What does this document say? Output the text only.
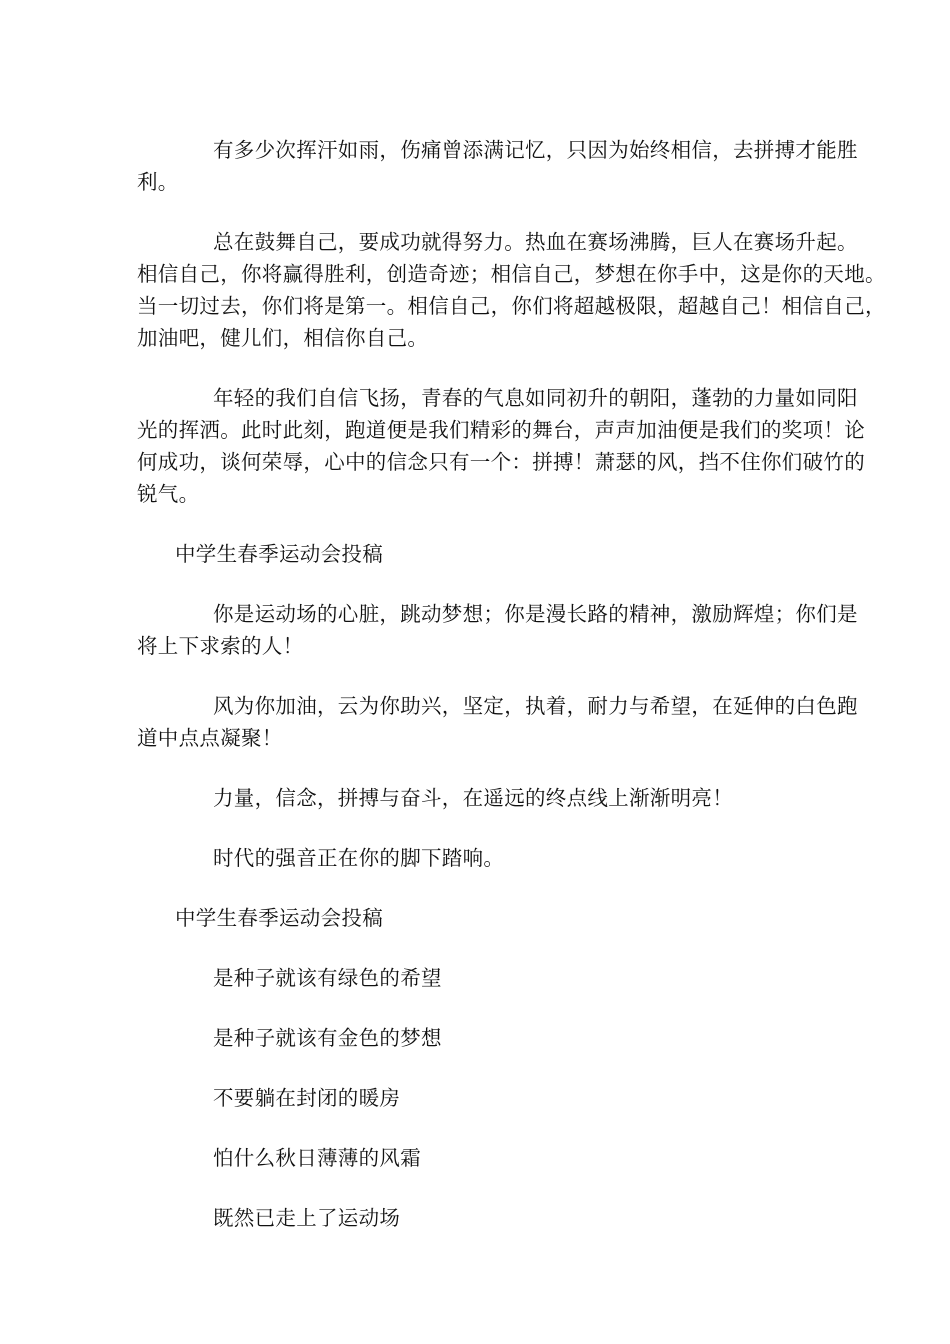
有多少次挥汗如雨，伤痛曾添满记忆，只因为始终相信，去拼搏才能胜

利。

总在鼓舞自己，要成功就得努力。热血在赛场沸腾，巨人在赛场升起。

相信自己，你将赢得胜利，创造奇迹；相信自己，梦想在你手中，这是你的天地。

当一切过去，你们将是第一。相信自己，你们将超越极限，超越自己！相信自己，

加油吧，健儿们，相信你自己。

年轻的我们自信飞扬，青春的气息如同初升的朝阳，蓬勃的力量如同阳

光的挥洒。此时此刻，跑道便是我们精彩的舞台，声声加油便是我们的奖项！论

何成功，谈何荣辱，心中的信念只有一个：拼搏！萧瑟的风，挡不住你们破竹的

锐气。

中学生春季运动会投稿

你是运动场的心脏，跳动梦想；你是漫长路的精神，激励辉煌；你们是

将上下求索的人！

风为你加油，云为你助兴，坚定，执着，耐力与希望，在延伸的白色跑

道中点点凝聚！

力量，信念，拼搏与奋斗，在遥远的终点线上渐渐明亮！

时代的强音正在你的脚下踏响。

中学生春季运动会投稿

是种子就该有绿色的希望

是种子就该有金色的梦想

不要躺在封闭的暖房

怕什么秋日薄薄的风霜

既然已走上了运动场
